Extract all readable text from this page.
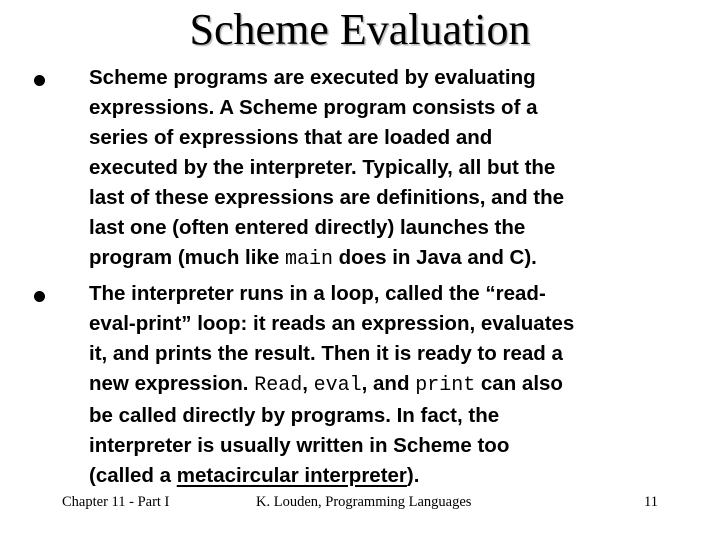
Scheme Evaluation
Scheme programs are executed by evaluating
expressions. A Scheme program consists of a
series of expressions that are loaded and
executed by the interpreter. Typically, all but the
last of these expressions are definitions, and the
last one (often entered directly) launches the
program (much like main does in Java and C).
The interpreter runs in a loop, called the “read-
eval-print” loop: it reads an expression, evaluates
it, and prints the result. Then it is ready to read a
new expression. Read, eval, and print can also
be called directly by programs. In fact, the
interpreter is usually written in Scheme too
(called a metacircular interpreter).
Chapter 11 - Part I	K. Louden, Programming Languages	11
